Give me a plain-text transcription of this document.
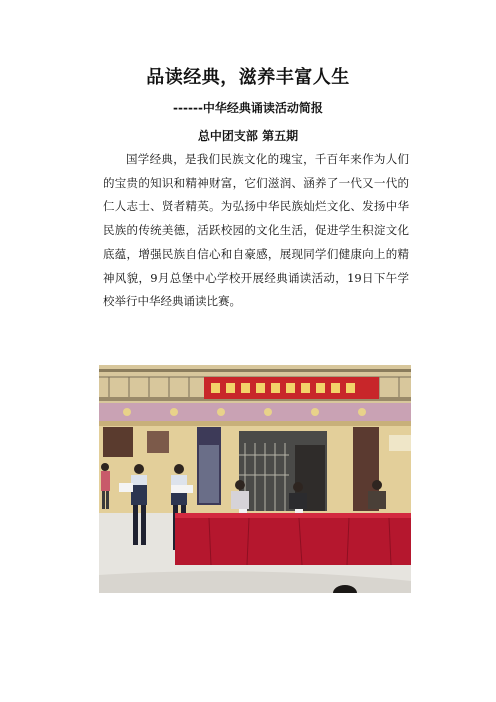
品读经典，滋养丰富人生
------中华经典诵读活动简报
总中团支部 第五期
国学经典，是我们民族文化的瑰宝，千百年来作为人们的宝贵的知识和精神财富，它们滋润、涵养了一代又一代的仁人志士、贤者精英。为弘扬中华民族灿烂文化、发扬中华民族的传统美德，活跃校园的文化生活，促进学生积淀文化底蕴，增强民族自信心和自豪感，展现同学们健康向上的精神风貌，9月总堡中心学校开展经典诵读活动，19日下午学校举行中华经典诵读比赛。
